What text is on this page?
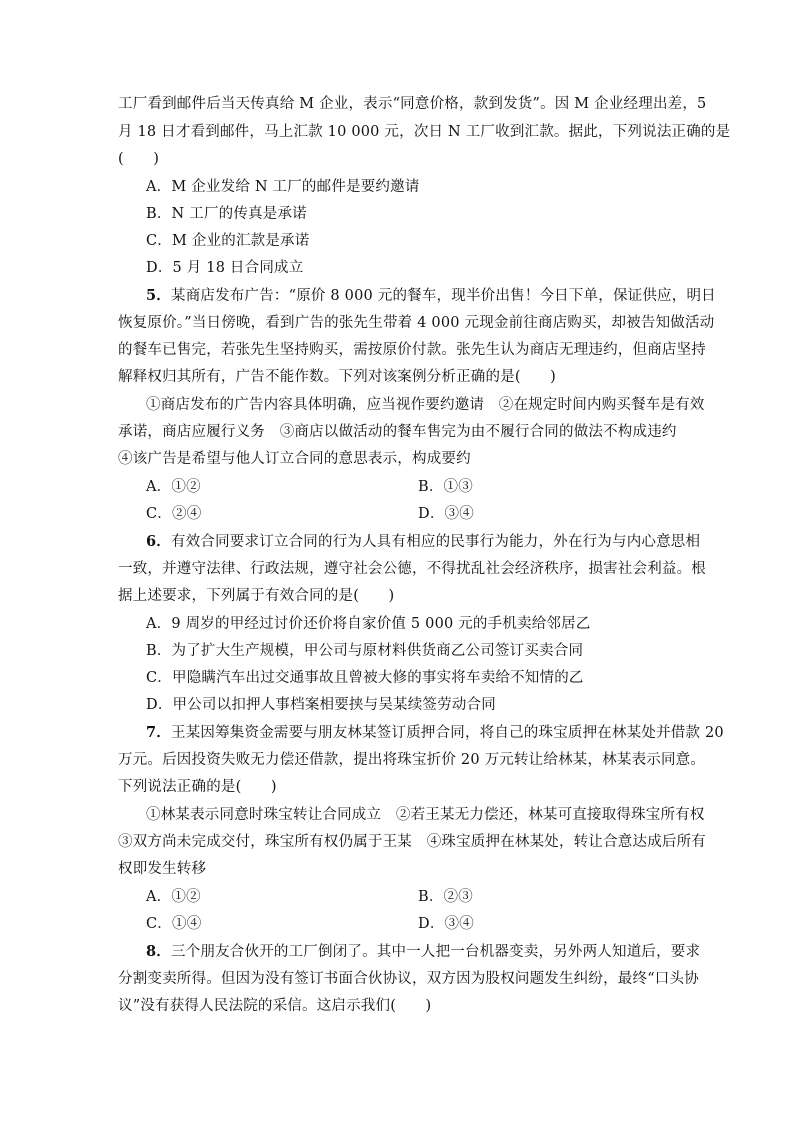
工厂看到邮件后当天传真给 M 企业，表示“同意价格，款到发货”。因 M 企业经理出差，5
月 18 日才看到邮件，马上汇款 10 000 元，次日 N 工厂收到汇款。据此，下列说法正确的是
(　　)
A．M 企业发给 N 工厂的邮件是要约邀请
B．N 工厂的传真是承诺
C．M 企业的汇款是承诺
D．5 月 18 日合同成立
5．某商店发布广告：“原价 8 000 元的餐车，现半价出售！今日下单，保证供应，明日
恢复原价。”当日傍晚，看到广告的张先生带着 4 000 元现金前往商店购买，却被告知做活动
的餐车已售完，若张先生坚持购买，需按原价付款。张先生认为商店无理违约，但商店坚持
解释权归其所有，广告不能作数。下列对该案例分析正确的是(　　)
①商店发布的广告内容具体明确，应当视作要约邀请　②在规定时间内购买餐车是有效
承诺，商店应履行义务　③商店以做活动的餐车售完为由不履行合同的做法不构成违约
④该广告是希望与他人订立合同的意思表示，构成要约
A．①②	B．①③
C．②④	D．③④
6．有效合同要求订立合同的行为人具有相应的民事行为能力，外在行为与内心意思相
一致，并遵守法律、行政法规，遵守社会公德，不得扰乱社会经济秩序，损害社会利益。根
据上述要求，下列属于有效合同的是(　　)
A．9 周岁的甲经过讨价还价将自家价值 5 000 元的手机卖给邻居乙
B．为了扩大生产规模，甲公司与原材料供货商乙公司签订买卖合同
C．甲隐瞒汽车出过交通事故且曾被大修的事实将车卖给不知情的乙
D．甲公司以扣押人事档案相要挟与吴某续签劳动合同
7．王某因筹集资金需要与朋友林某签订质押合同，将自己的珠宝质押在林某处并借款 20
万元。后因投资失败无力偿还借款，提出将珠宝折价 20 万元转让给林某，林某表示同意。
下列说法正确的是(　　)
①林某表示同意时珠宝转让合同成立　②若王某无力偿还，林某可直接取得珠宝所有权
③双方尚未完成交付，珠宝所有权仍属于王某　④珠宝质押在林某处，转让合意达成后所有
权即发生转移
A．①②	B．②③
C．①④	D．③④
8．三个朋友合伙开的工厂倒闭了。其中一人把一台机器变卖，另外两人知道后，要求
分割变卖所得。但因为没有签订书面合伙协议，双方因为股权问题发生纠纷，最终“口头协
议”没有获得人民法院的采信。这启示我们(　　)
